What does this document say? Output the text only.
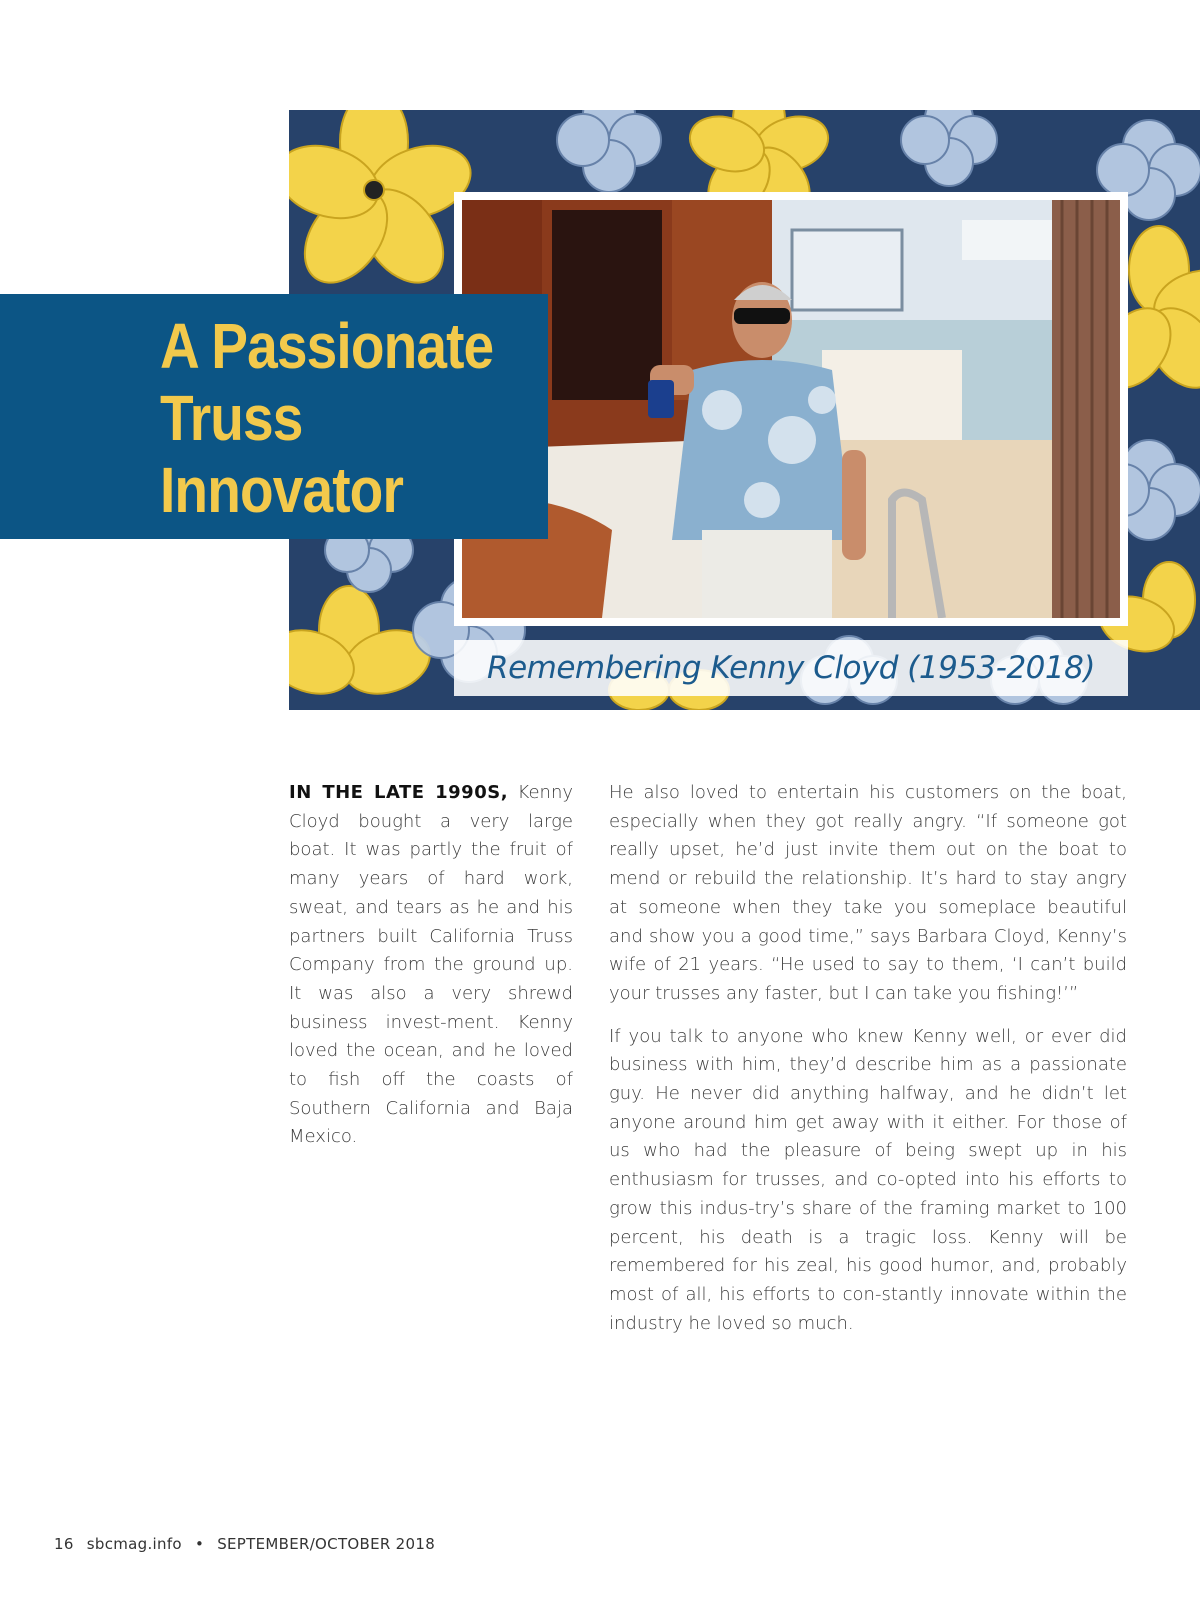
Remembering Kenny Cloyd (1953-2018)
A Passionate
Truss
Innovator

IN THE LATE 1990S, Kenny Cloyd bought a very large boat. It was partly the fruit of many years of hard work, sweat, and tears as he and his partners built California Truss Company from the ground up. It was also a very shrewd business invest-ment. Kenny loved the ocean, and he loved to fish off the coasts of Southern California and Baja Mexico.

He also loved to entertain his customers on the boat, especially when they got really angry. “If someone got really upset, he’d just invite them out on the boat to mend or rebuild the relationship. It’s hard to stay angry at someone when they take you someplace beautiful and show you a good time,” says Barbara Cloyd, Kenny’s wife of 21 years. “He used to say to them, ‘I can’t build your trusses any faster, but I can take you fishing!’”

If you talk to anyone who knew Kenny well, or ever did business with him, they’d describe him as a passionate guy. He never did anything halfway, and he didn’t let anyone around him get away with it either. For those of us who had the pleasure of being swept up in his enthusiasm for trusses, and co-opted into his efforts to grow this indus-try’s share of the framing market to 100 percent, his death is a tragic loss. Kenny will be remembered for his zeal, his good humor, and, probably most of all, his efforts to con-stantly innovate within the industry he loved so much.

16 sbcmag.info • SEPTEMBER/OCTOBER 2018
